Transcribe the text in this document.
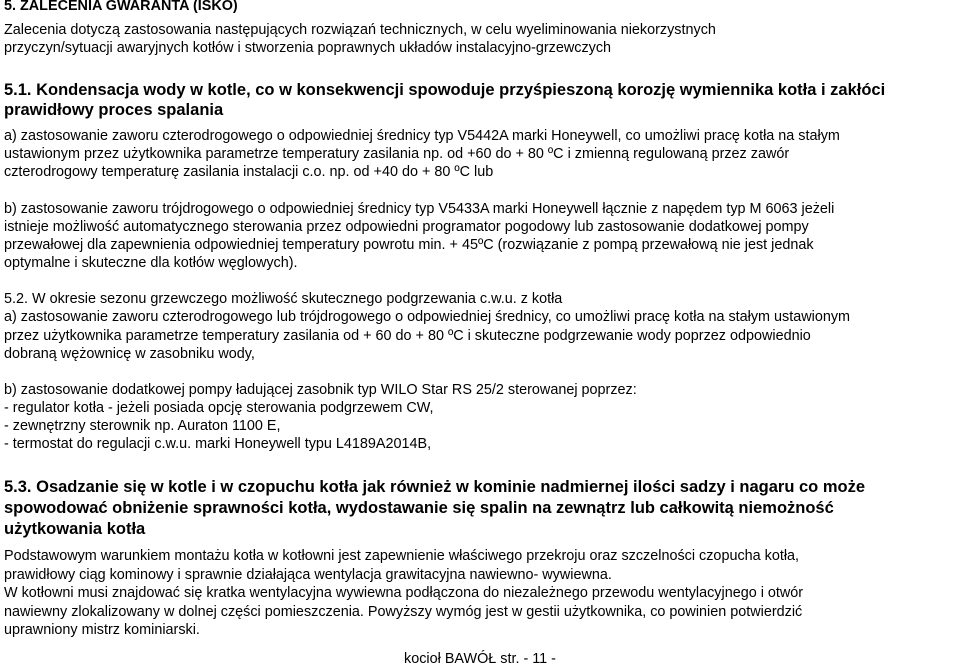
5. ZALECENIA GWARANTA (ISKO)
Zalecenia dotyczą zastosowania następujących rozwiązań technicznych, w celu wyeliminowania niekorzystnych
przyczyn/sytuacji awaryjnych kotłów i stworzenia poprawnych układów instalacyjno-grzewczych
5.1. Kondensacja wody w kotle, co w konsekwencji spowoduje przyśpieszoną korozję wymiennika kotła i zakłóci
prawidłowy proces spalania
a) zastosowanie zaworu czterodrogowego o odpowiedniej średnicy typ V5442A marki Honeywell, co umożliwi pracę kotła na stałym
ustawionym przez użytkownika parametrze temperatury zasilania np. od +60 do + 80 ºC i zmienną regulowaną przez zawór
czterodrogowy temperaturę zasilania instalacji c.o. np. od +40 do + 80 ºC lub
b) zastosowanie zaworu trójdrogowego o odpowiedniej średnicy typ V5433A marki Honeywell łącznie z napędem typ M 6063 jeżeli
istnieje możliwość automatycznego sterowania przez odpowiedni programator pogodowy lub zastosowanie dodatkowej pompy
przewałowej dla zapewnienia odpowiedniej temperatury powrotu min. + 45ºC (rozwiązanie z pompą przewałową nie jest jednak
optymalne i skuteczne dla kotłów węglowych).
5.2. W okresie sezonu grzewczego możliwość skutecznego podgrzewania c.w.u. z kotła
a) zastosowanie zaworu czterodrogowego lub trójdrogowego o odpowiedniej średnicy, co umożliwi pracę kotła na stałym ustawionym
przez użytkownika parametrze temperatury zasilania od + 60 do + 80 ºC i skuteczne podgrzewanie wody poprzez odpowiednio
dobraną wężownicę w zasobniku wody,
b) zastosowanie dodatkowej pompy ładującej zasobnik typ WILO Star RS 25/2 sterowanej poprzez:
- regulator kotła - jeżeli posiada opcję sterowania podgrzewem CW,
- zewnętrzny sterownik np. Auraton 1100 E,
- termostat do regulacji c.w.u. marki Honeywell typu L4189A2014B,
5.3. Osadzanie się w kotle i w czopuchu kotła jak również w kominie nadmiernej ilości sadzy i nagaru co może
spowodować obniżenie sprawności kotła, wydostawanie się spalin na zewnątrz lub całkowitą niemożność
użytkowania kotła
Podstawowym warunkiem montażu kotła w kotłowni jest zapewnienie właściwego przekroju oraz szczelności czopucha kotła,
prawidłowy ciąg kominowy i sprawnie działająca wentylacja grawitacyjna nawiewno- wywiewna.
W kotłowni musi znajdować się kratka wentylacyjna wywiewna podłączona do niezależnego przewodu wentylacyjnego i otwór
nawiewny zlokalizowany w dolnej części pomieszczenia. Powyższy wymóg jest w gestii użytkownika, co powinien potwierdzić
uprawniony mistrz kominiarski.
kocioł BAWÓŁ str. - 11 -
